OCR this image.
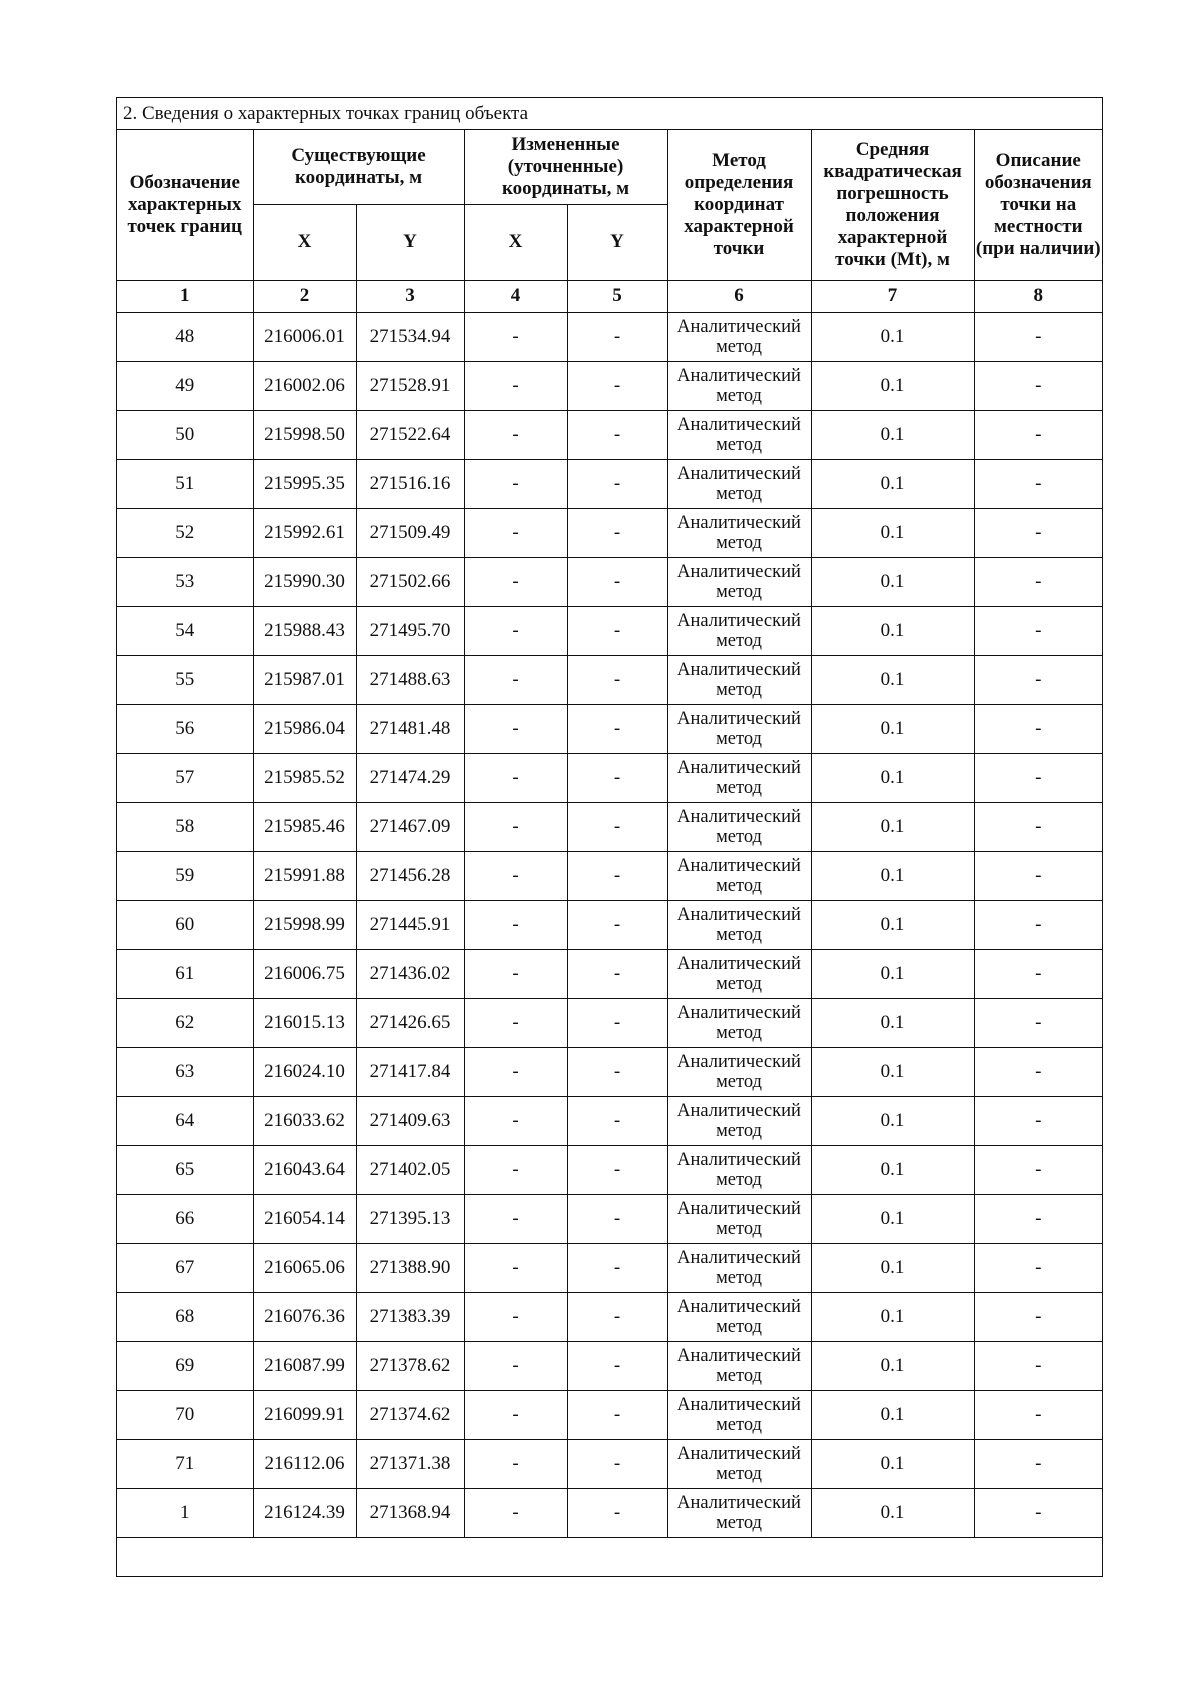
2. Сведения о характерных точках границ объекта
Обозначение характерных точек границ	Существующие координаты, м		Измененные (уточненные) координаты, м		Метод определения координат характерной точки	Средняя квадратическая погрешность положения характерной точки (Mt), м	Описание обозначения точки на местности (при наличии)
	X	Y	X	Y			
1	2	3	4	5	6	7	8
48	216006.01	271534.94	-	-	Аналитический метод	0.1	-
49	216002.06	271528.91	-	-	Аналитический метод	0.1	-
50	215998.50	271522.64	-	-	Аналитический метод	0.1	-
51	215995.35	271516.16	-	-	Аналитический метод	0.1	-
52	215992.61	271509.49	-	-	Аналитический метод	0.1	-
53	215990.30	271502.66	-	-	Аналитический метод	0.1	-
54	215988.43	271495.70	-	-	Аналитический метод	0.1	-
55	215987.01	271488.63	-	-	Аналитический метод	0.1	-
56	215986.04	271481.48	-	-	Аналитический метод	0.1	-
57	215985.52	271474.29	-	-	Аналитический метод	0.1	-
58	215985.46	271467.09	-	-	Аналитический метод	0.1	-
59	215991.88	271456.28	-	-	Аналитический метод	0.1	-
60	215998.99	271445.91	-	-	Аналитический метод	0.1	-
61	216006.75	271436.02	-	-	Аналитический метод	0.1	-
62	216015.13	271426.65	-	-	Аналитический метод	0.1	-
63	216024.10	271417.84	-	-	Аналитический метод	0.1	-
64	216033.62	271409.63	-	-	Аналитический метод	0.1	-
65	216043.64	271402.05	-	-	Аналитический метод	0.1	-
66	216054.14	271395.13	-	-	Аналитический метод	0.1	-
67	216065.06	271388.90	-	-	Аналитический метод	0.1	-
68	216076.36	271383.39	-	-	Аналитический метод	0.1	-
69	216087.99	271378.62	-	-	Аналитический метод	0.1	-
70	216099.91	271374.62	-	-	Аналитический метод	0.1	-
71	216112.06	271371.38	-	-	Аналитический метод	0.1	-
1	216124.39	271368.94	-	-	Аналитический метод	0.1	-
